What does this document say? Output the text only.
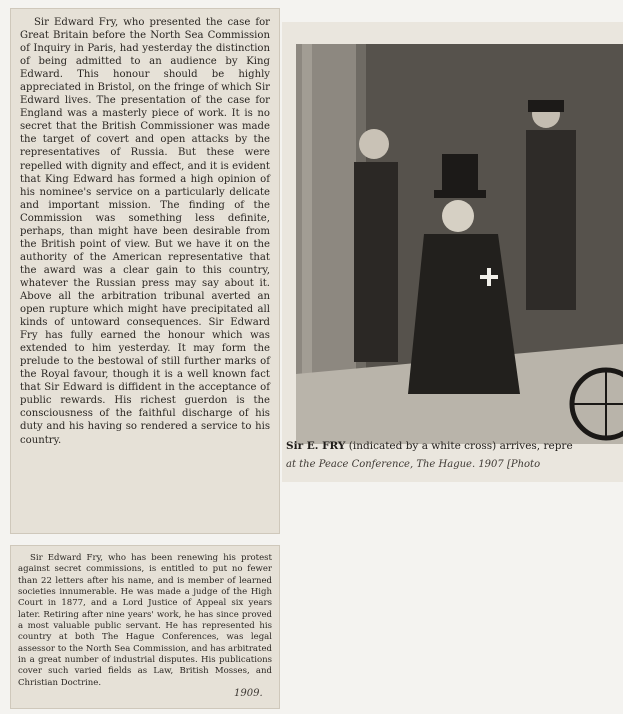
Sir Edward Fry, who presented the case for Great Britain before the North Sea Commission of Inquiry in Paris, had yesterday the distinction of being admitted to an audience by King Edward. This honour should be highly appreciated in Bristol, on the fringe of which Sir Edward lives. The presentation of the case for England was a masterly piece of work. It is no secret that the British Commissioner was made the target of covert and open attacks by the representatives of Russia. But these were repelled with dignity and effect, and it is evident that King Edward has formed a high opinion of his nominee's service on a particularly delicate and important mission. The finding of the Commission was something less definite, perhaps, than might have been desirable from the British point of view. But we have it on the authority of the American representative that the award was a clear gain to this country, whatever the Russian press may say about it. Above all the arbitration tribunal averted an open rupture which might have precipitated all kinds of untoward consequences. Sir Edward Fry has fully earned the honour which was extended to him yesterday. It may form the prelude to the bestowal of still further marks of the Royal favour, though it is a well known fact that Sir Edward is diffident in the acceptance of public rewards. His richest guerdon is the consciousness of the faithful discharge of his duty and his having so rendered a service to his country.
Sir Edward Fry, who has been renewing his protest against secret commissions, is entitled to put no fewer than 22 letters after his name, and is member of learned societies innumerable. He was made a judge of the High Court in 1877, and a Lord Justice of Appeal six years later. Retiring after nine years' work, he has since proved a most valuable public servant. He has represented his country at both The Hague Conferences, was legal assessor to the North Sea Commission, and has arbitrated in a great number of industrial disputes. His publications cover such varied fields as Law, British Mosses, and Christian Doctrine.
Sir E. FRY (indicated by a white cross) arrives, repre
at the Peace Conference, The Hague. 1907 [Photo
1909.
